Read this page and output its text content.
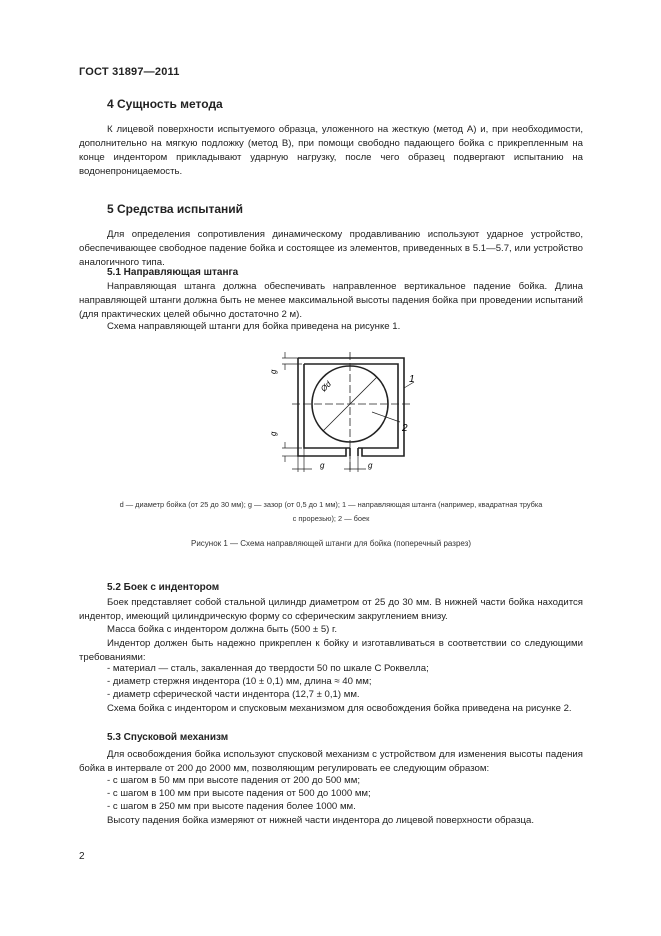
ГОСТ 31897—2011
4 Сущность метода
К лицевой поверхности испытуемого образца, уложенного на жесткую (метод А) и, при необходимости, дополнительно на мягкую подложку (метод В), при помощи свободно падающего бойка с прикрепленным на конце индентором прикладывают ударную нагрузку, после чего образец подвергают испытанию на водонепроницаемость.
5 Средства испытаний
Для определения сопротивления динамическому продавливанию используют ударное устройство, обеспечивающее свободное падение бойка и состоящее из элементов, приведенных в 5.1—5.7, или устройство аналогичного типа.
5.1 Направляющая штанга
Направляющая штанга должна обеспечивать направленное вертикальное падение бойка. Длина направляющей штанги должна быть не менее максимальной высоты падения бойка при проведении испытаний (для практических целей обычно достаточно 2 м).
Схема направляющей штанги для бойка приведена на рисунке 1.
g
g
Ød
g	g
1
2
d — диаметр бойка (от 25 до 30 мм); g — зазор (от 0,5 до 1 мм); 1 — направляющая штанга (например, квадратная трубка
с прорезью); 2 — боек
Рисунок 1 — Схема направляющей штанги для бойка (поперечный разрез)
5.2 Боек с индентором
Боек представляет собой стальной цилиндр диаметром от 25 до 30 мм. В нижней части бойка находится индентор, имеющий цилиндрическую форму со сферическим закруглением внизу.
Масса бойка с индентором должна быть (500 ± 5) г.
Индентор должен быть надежно прикреплен к бойку и изготавливаться в соответствии со следующими требованиями:
- материал — сталь, закаленная до твердости 50 по шкале С Роквелла;
- диаметр стержня индентора (10 ± 0,1) мм, длина ≈ 40 мм;
- диаметр сферической части индентора (12,7 ± 0,1) мм.
Схема бойка с индентором и спусковым механизмом для освобождения бойка приведена на рисунке 2.
5.3 Спусковой механизм
Для освобождения бойка используют спусковой механизм с устройством для изменения высоты падения бойка в интервале от 200 до 2000 мм, позволяющим регулировать ее следующим образом:
- с шагом в 50 мм при высоте падения от 200 до 500 мм;
- с шагом в 100 мм при высоте падения от 500 до 1000 мм;
- с шагом в 250 мм при высоте падения более 1000 мм.
Высоту падения бойка измеряют от нижней части индентора до лицевой поверхности образца.
2
